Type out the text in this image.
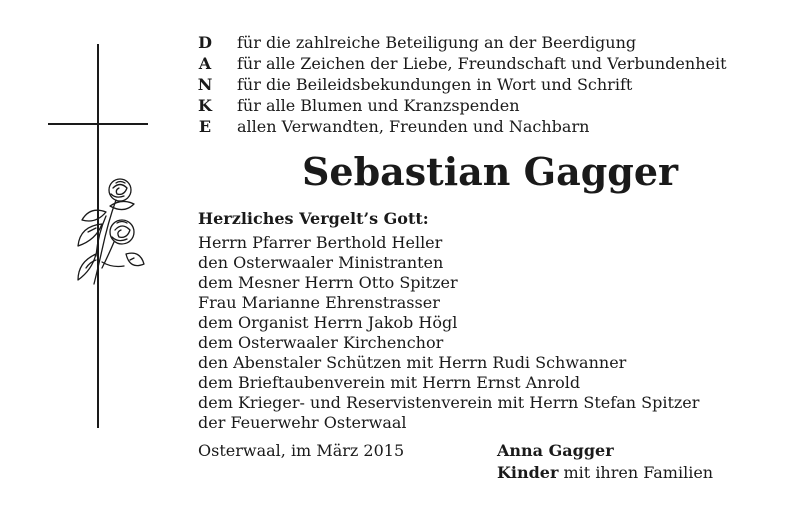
D
A
N
K
E
für die zahlreiche Beteiligung an der Beerdigung
für alle Zeichen der Liebe, Freundschaft und Verbundenheit
für die Beileidsbekundungen in Wort und Schrift
für alle Blumen und Kranzspenden
allen Verwandten, Freunden und Nachbarn
Sebastian Gagger
Herzliches Vergelt’s Gott:
Herrn Pfarrer Berthold Heller
den Osterwaaler Ministranten
dem Mesner Herrn Otto Spitzer
Frau Marianne Ehrenstrasser
dem Organist Herrn Jakob Högl
dem Osterwaaler Kirchenchor
den Abenstaler Schützen mit Herrn Rudi Schwanner
dem Brieftaubenverein mit Herrn Ernst Anrold
dem Krieger- und Reservistenverein mit Herrn Stefan Spitzer
der Feuerwehr Osterwaal
Osterwaal, im März 2015	Anna Gagger
Kinder mit ihren Familien
